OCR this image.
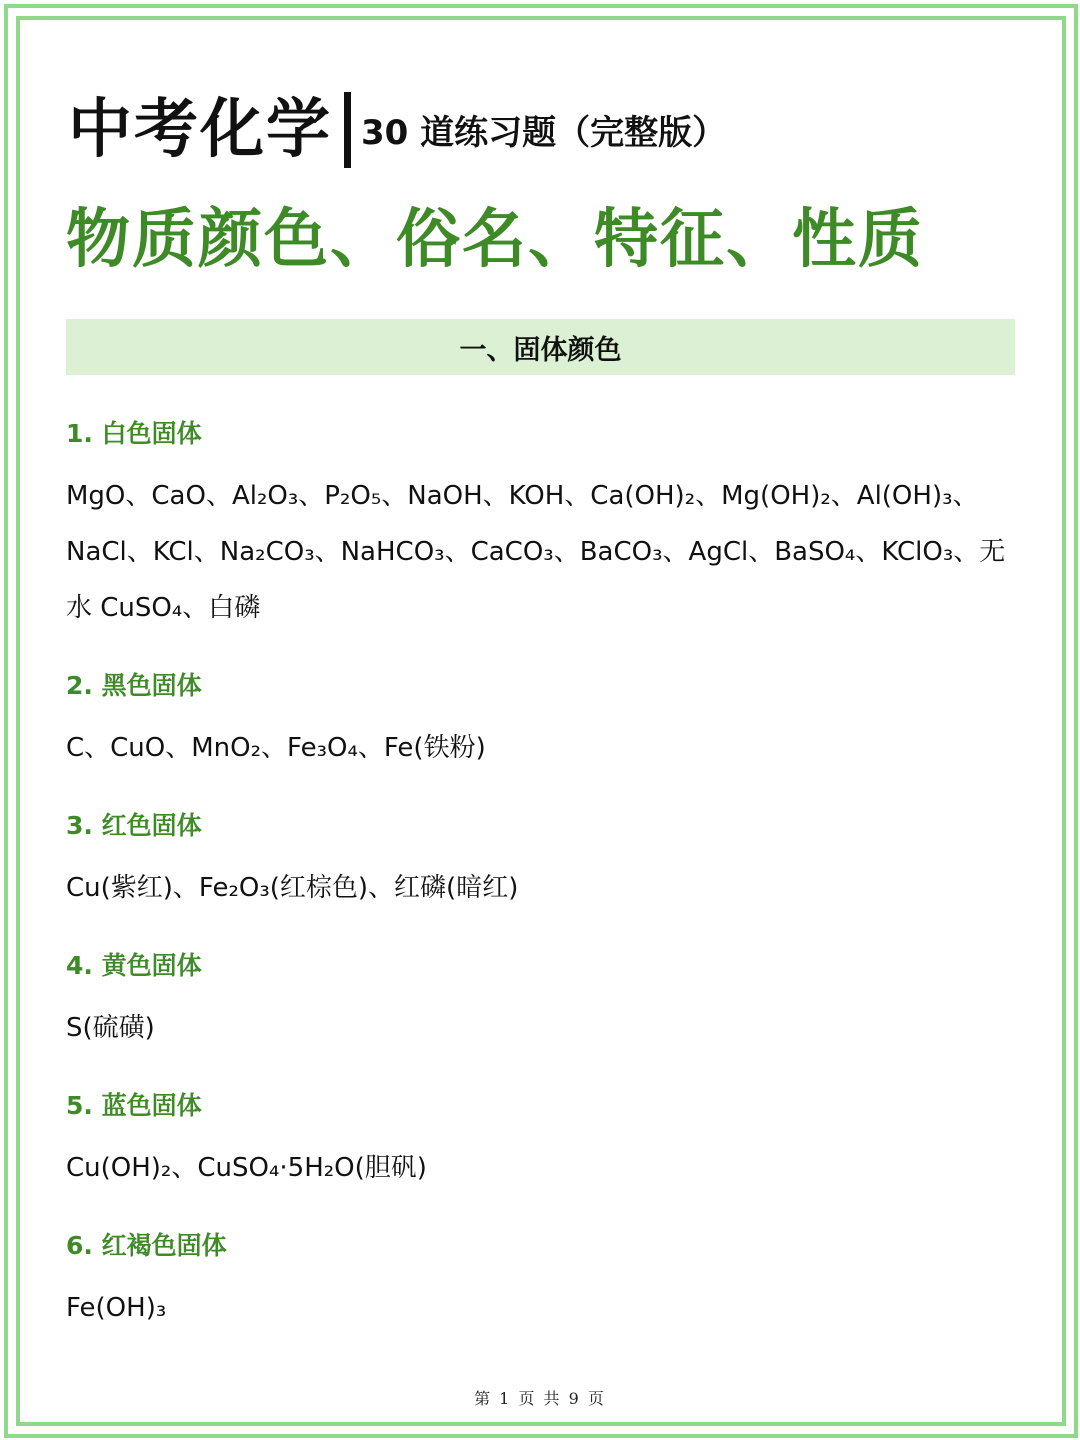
中考化学 30 道练习题（完整版）
物质颜色、俗名、特征、性质
一、固体颜色
1. 白色固体
MgO、CaO、Al₂O₃、P₂O₅、NaOH、KOH、Ca(OH)₂、Mg(OH)₂、Al(OH)₃、NaCl、KCl、Na₂CO₃、NaHCO₃、CaCO₃、BaCO₃、AgCl、BaSO₄、KClO₃、无水 CuSO₄、白磷
2. 黑色固体
C、CuO、MnO₂、Fe₃O₄、Fe(铁粉)
3. 红色固体
Cu(紫红)、Fe₂O₃(红棕色)、红磷(暗红)
4. 黄色固体
S(硫磺)
5. 蓝色固体
Cu(OH)₂、CuSO₄·5H₂O(胆矾)
6. 红褐色固体
Fe(OH)₃
第 1 页 共 9 页
